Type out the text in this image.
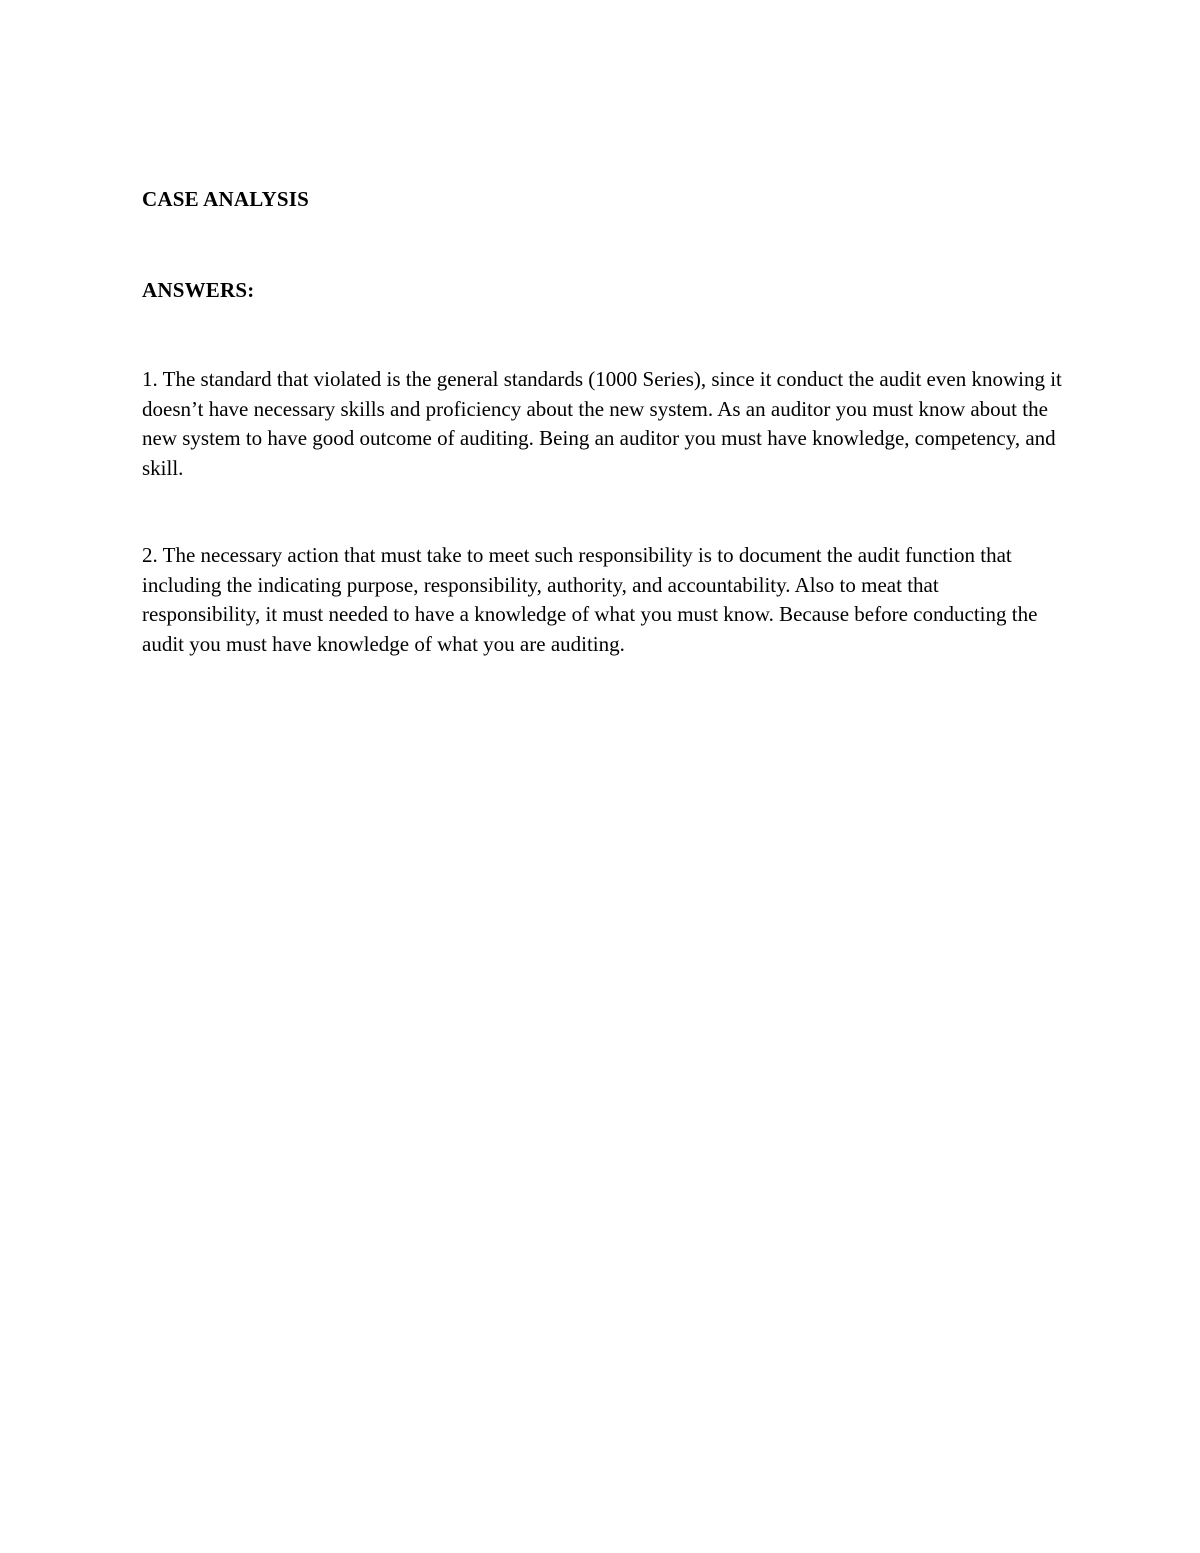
CASE ANALYSIS
ANSWERS:

1. The standard that violated is the general standards (1000 Series), since it conduct the audit even knowing it doesn’t have necessary skills and proficiency about the new system. As an auditor you must know about the new system to have good outcome of auditing. Being an auditor you must have knowledge, competency, and skill.

2. The necessary action that must take to meet such responsibility is to document the audit function that including the indicating purpose, responsibility, authority, and accountability. Also to meat that responsibility, it must needed to have a knowledge of what you must know. Because before conducting the audit you must have knowledge of what you are auditing.
